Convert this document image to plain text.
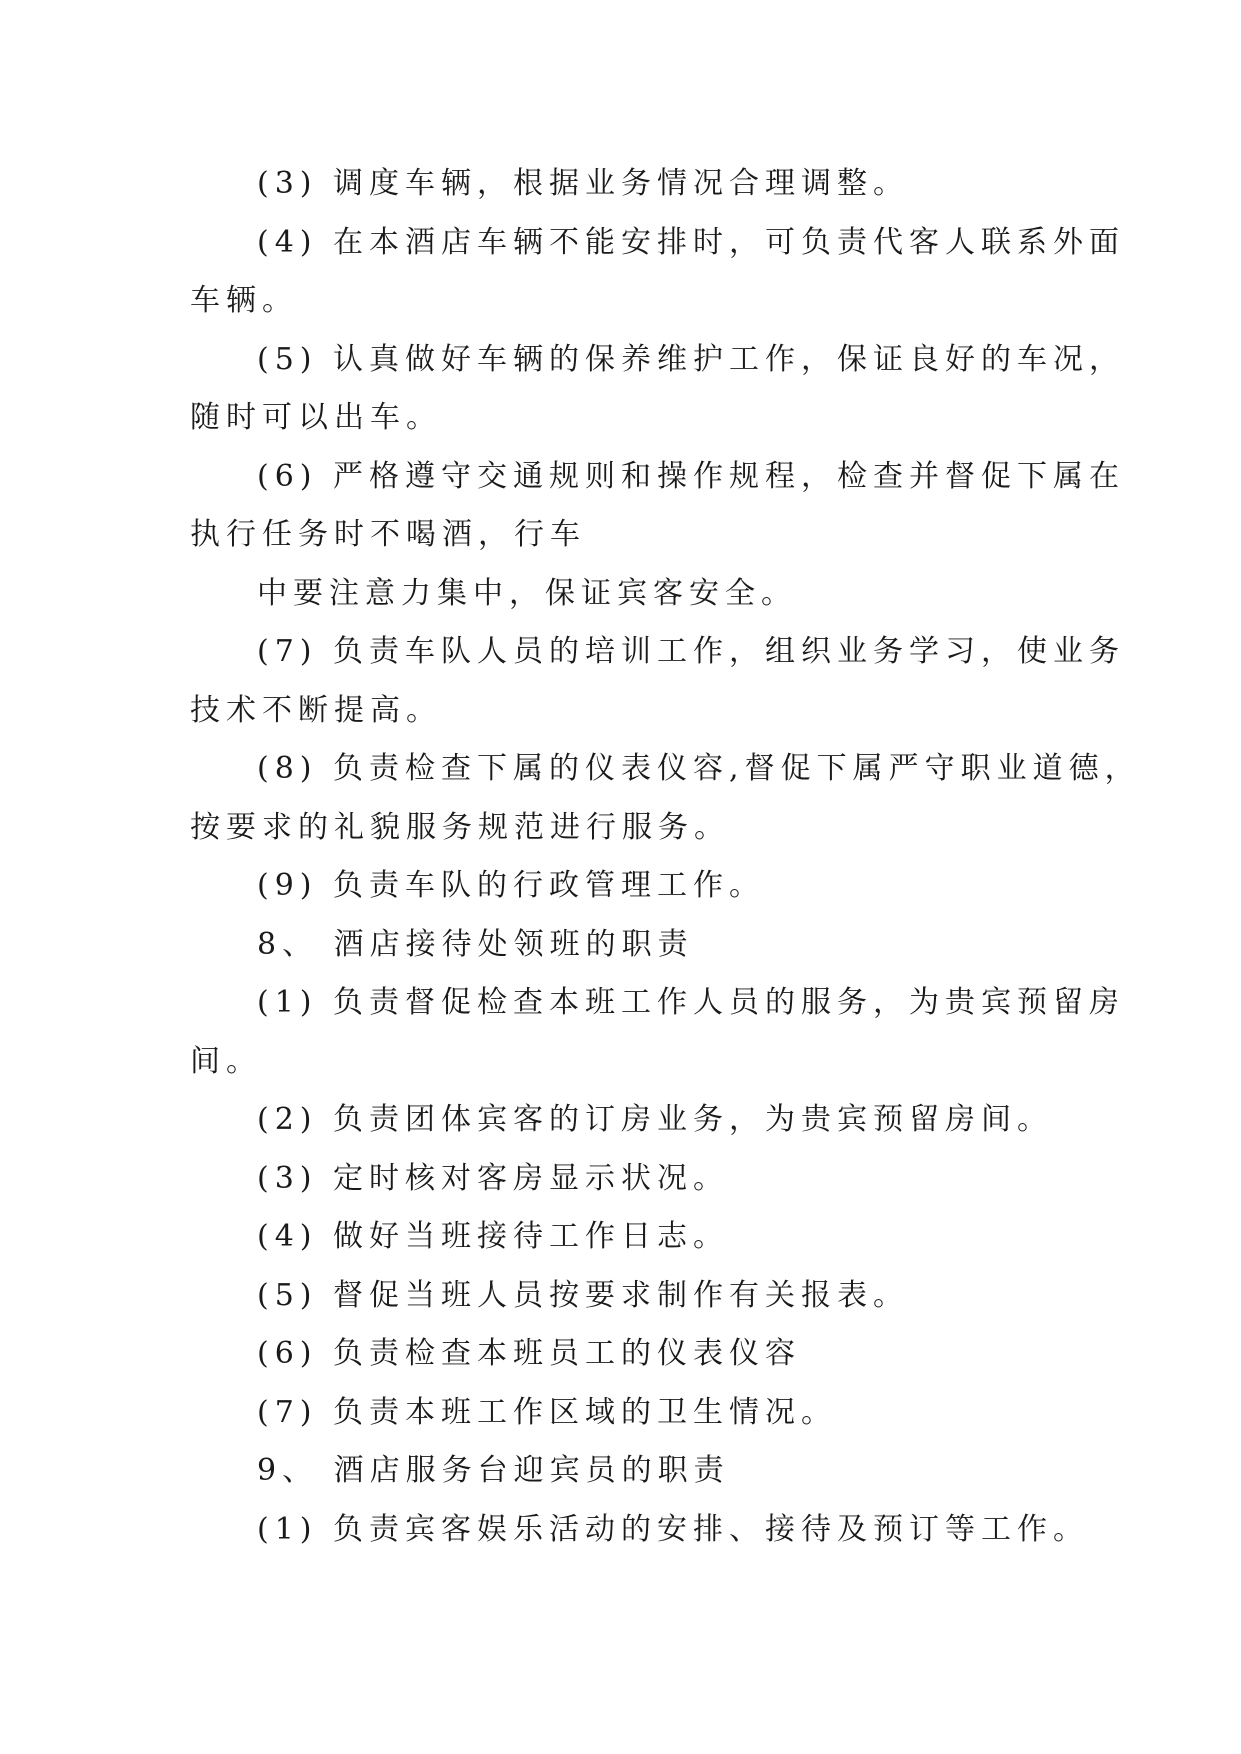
(3) 调度车辆，根据业务情况合理调整。
(4) 在本酒店车辆不能安排时，可负责代客人联系外面
车辆。
(5) 认真做好车辆的保养维护工作，保证良好的车况，
随时可以出车。
(6) 严格遵守交通规则和操作规程，检查并督促下属在
执行任务时不喝酒，行车
中要注意力集中，保证宾客安全。
(7) 负责车队人员的培训工作，组织业务学习，使业务
技术不断提高。
(8) 负责检查下属的仪表仪容,督促下属严守职业道德，
按要求的礼貌服务规范进行服务。
(9) 负责车队的行政管理工作。
8、 酒店接待处领班的职责
(1) 负责督促检查本班工作人员的服务，为贵宾预留房
间。
(2) 负责团体宾客的订房业务，为贵宾预留房间。
(3) 定时核对客房显示状况。
(4) 做好当班接待工作日志。
(5) 督促当班人员按要求制作有关报表。
(6) 负责检查本班员工的仪表仪容
(7) 负责本班工作区域的卫生情况。
9、 酒店服务台迎宾员的职责
(1) 负责宾客娱乐活动的安排、接待及预订等工作。
